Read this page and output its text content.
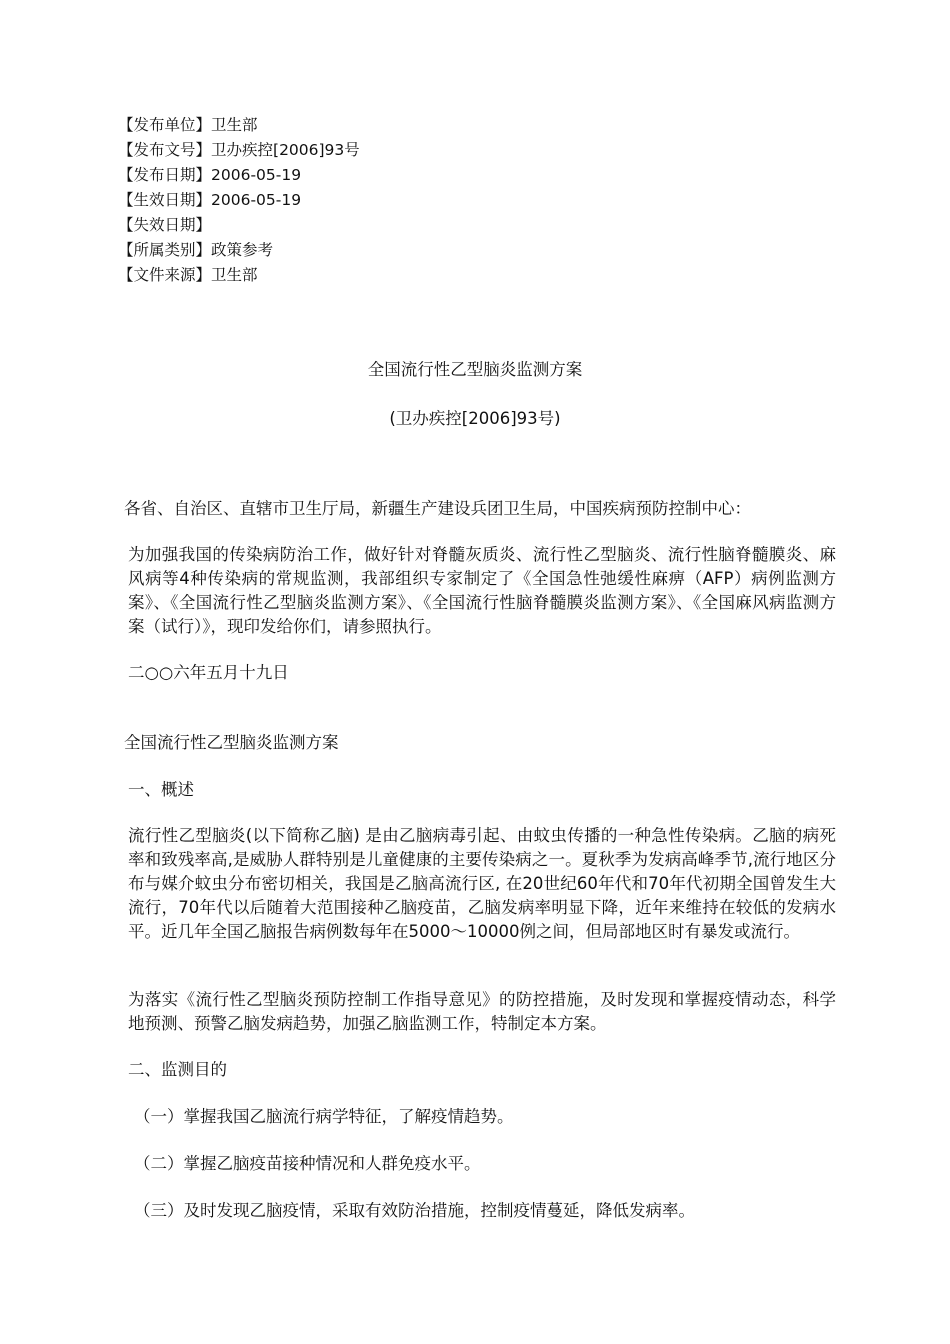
【发布单位】卫生部
【发布文号】卫办疾控[2006]93号
【发布日期】2006-05-19
【生效日期】2006-05-19
【失效日期】
【所属类别】政策参考
【文件来源】卫生部
全国流行性乙型脑炎监测方案
(卫办疾控[2006]93号)
各省、自治区、直辖市卫生厅局，新疆生产建设兵团卫生局，中国疾病预防控制中心：
为加强我国的传染病防治工作，做好针对脊髓灰质炎、流行性乙型脑炎、流行性脑脊髓膜炎、麻风病等4种传染病的常规监测，我部组织专家制定了《全国急性弛缓性麻痹（AFP）病例监测方案》、《全国流行性乙型脑炎监测方案》、《全国流行性脑脊髓膜炎监测方案》、《全国麻风病监测方案（试行）》，现印发给你们，请参照执行。
二○○六年五月十九日
全国流行性乙型脑炎监测方案
一、概述
流行性乙型脑炎(以下简称乙脑) 是由乙脑病毒引起、由蚊虫传播的一种急性传染病。乙脑的病死率和致残率高,是威胁人群特别是儿童健康的主要传染病之一。夏秋季为发病高峰季节,流行地区分布与媒介蚊虫分布密切相关，我国是乙脑高流行区, 在20世纪60年代和70年代初期全国曾发生大流行，70年代以后随着大范围接种乙脑疫苗，乙脑发病率明显下降，近年来维持在较低的发病水平。近几年全国乙脑报告病例数每年在5000～10000例之间，但局部地区时有暴发或流行。
为落实《流行性乙型脑炎预防控制工作指导意见》的防控措施，及时发现和掌握疫情动态，科学地预测、预警乙脑发病趋势，加强乙脑监测工作，特制定本方案。
二、监测目的
（一）掌握我国乙脑流行病学特征，了解疫情趋势。
（二）掌握乙脑疫苗接种情况和人群免疫水平。
（三）及时发现乙脑疫情，采取有效防治措施，控制疫情蔓延，降低发病率。
